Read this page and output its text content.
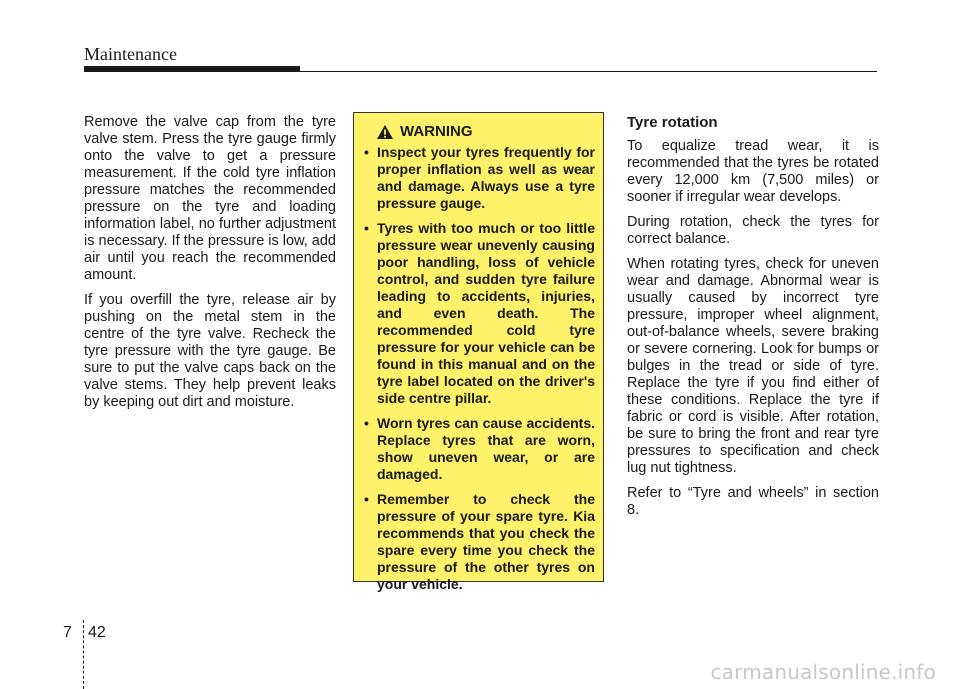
Maintenance

Remove the valve cap from the tyre valve stem. Press the tyre gauge firmly onto the valve to get a pressure measurement. If the cold tyre inflation pressure matches the recommended pressure on the tyre and loading information label, no further adjustment is necessary. If the pressure is low, add air until you reach the recommended amount.

If you overfill the tyre, release air by pushing on the metal stem in the centre of the tyre valve. Recheck the tyre pressure with the tyre gauge. Be sure to put the valve caps back on the valve stems. They help prevent leaks by keeping out dirt and moisture.

WARNING
• Inspect your tyres frequently for proper inflation as well as wear and damage. Always use a tyre pressure gauge.
• Tyres with too much or too little pressure wear unevenly causing poor handling, loss of vehicle control, and sudden tyre failure leading to accidents, injuries, and even death. The recommended cold tyre pressure for your vehicle can be found in this manual and on the tyre label located on the driver's side centre pillar.
• Worn tyres can cause accidents. Replace tyres that are worn, show uneven wear, or are damaged.
• Remember to check the pressure of your spare tyre. Kia recommends that you check the spare every time you check the pressure of the other tyres on your vehicle.
Tyre rotation

To equalize tread wear, it is recommended that the tyres be rotated every 12,000 km (7,500 miles) or sooner if irregular wear develops.

During rotation, check the tyres for correct balance.

When rotating tyres, check for uneven wear and damage. Abnormal wear is usually caused by incorrect tyre pressure, improper wheel alignment, out-of-balance wheels, severe braking or severe cornering. Look for bumps or bulges in the tread or side of tyre. Replace the tyre if you find either of these conditions. Replace the tyre if fabric or cord is visible. After rotation, be sure to bring the front and rear tyre pressures to specification and check lug nut tightness.

Refer to “Tyre and wheels” in section 8.

7 42
carmanualsonline.info
